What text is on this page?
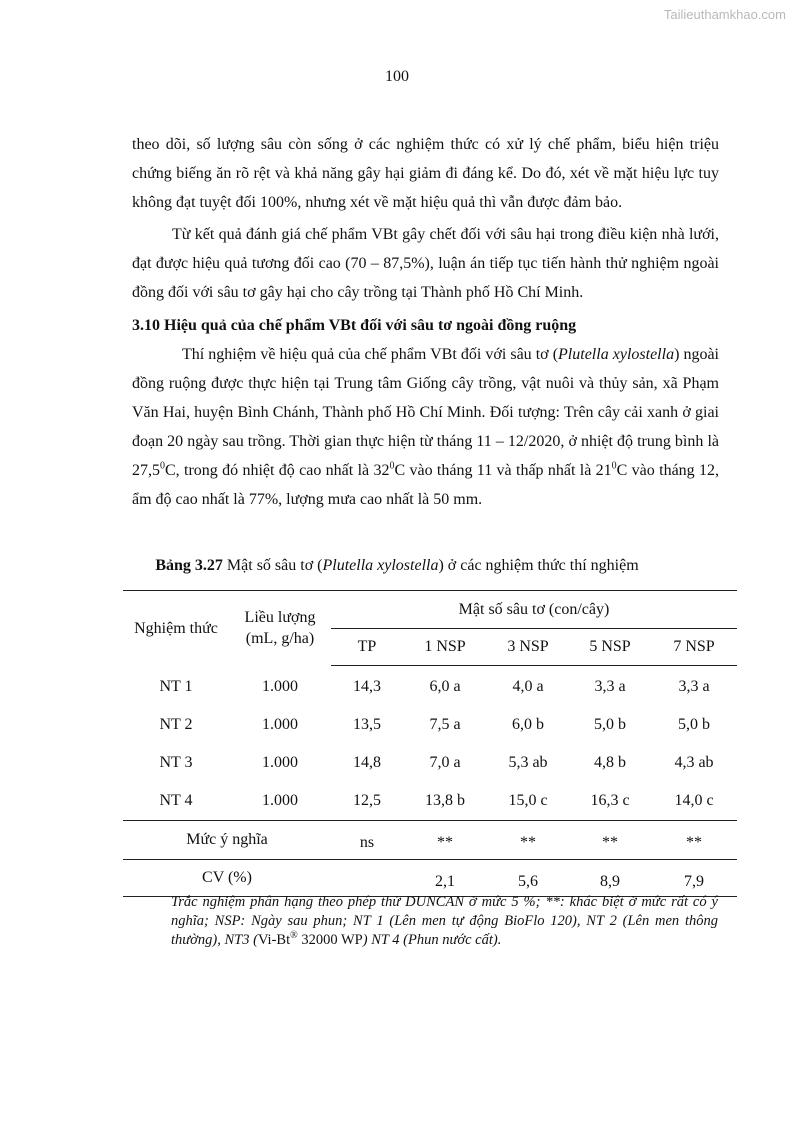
Tailieuthamkhao.com
100
theo dõi, số lượng sâu còn sống ở các nghiệm thức có xử lý chế phẩm, biểu hiện triệu chứng biếng ăn rõ rệt và khả năng gây hại giảm đi đáng kể. Do đó, xét về mặt hiệu lực tuy không đạt tuyệt đối 100%, nhưng xét về mặt hiệu quả thì vẫn được đảm bảo.
Từ kết quả đánh giá chế phẩm VBt gây chết đối với sâu hại trong điều kiện nhà lưới, đạt được hiệu quả tương đối cao (70 – 87,5%), luận án tiếp tục tiến hành thử nghiệm ngoài đồng đối với sâu tơ gây hại cho cây trồng tại Thành phố Hồ Chí Minh.
3.10 Hiệu quả của chế phẩm VBt đối với sâu tơ ngoài đồng ruộng
Thí nghiệm về hiệu quả của chế phẩm VBt đối với sâu tơ (Plutella xylostella) ngoài đồng ruộng được thực hiện tại Trung tâm Giống cây trồng, vật nuôi và thủy sản, xã Phạm Văn Hai, huyện Bình Chánh, Thành phố Hồ Chí Minh. Đối tượng: Trên cây cải xanh ở giai đoạn 20 ngày sau trồng. Thời gian thực hiện từ tháng 11 – 12/2020, ở nhiệt độ trung bình là 27,5$^0$C, trong đó nhiệt độ cao nhất là $32^0C$ vào tháng 11 và thấp nhất là $21^0C$ vào tháng 12, ẩm độ cao nhất là 77%, lượng mưa cao nhất là 50 mm.
Bảng 3.27 Mật số sâu tơ (Plutella xylostella) ở các nghiệm thức thí nghiệm
Nghiệm thức	Liều lượng (mL, g/ha)	Mật số sâu tơ (con/cây)				
		TP	1 NSP	3 NSP	5 NSP	7 NSP
NT 1	1.000	14,3	6,0 a	4,0 a	3,3 a	3,3 a
NT 2	1.000	13,5	7,5 a	6,0 b	5,0 b	5,0 b
NT 3	1.000	14,8	7,0 a	5,3 ab	4,8 b	4,3 ab
NT 4	1.000	12,5	13,8 b	15,0 c	16,3 c	14,0 c
Mức ý nghĩa		ns	**	**	**	**
CV (%)			2,1	5,6	8,9	7,9
Trắc nghiệm phân hạng theo phép thử DUNCAN ở mức 5 %; **: khác biệt ở mức rất có ý nghĩa; NSP: Ngày sau phun; NT 1 (Lên men tự động BioFlo 120), NT 2 (Lên men thông thường), NT3 (Vi-Bt® 32000 WP) NT 4 (Phun nước cất).
